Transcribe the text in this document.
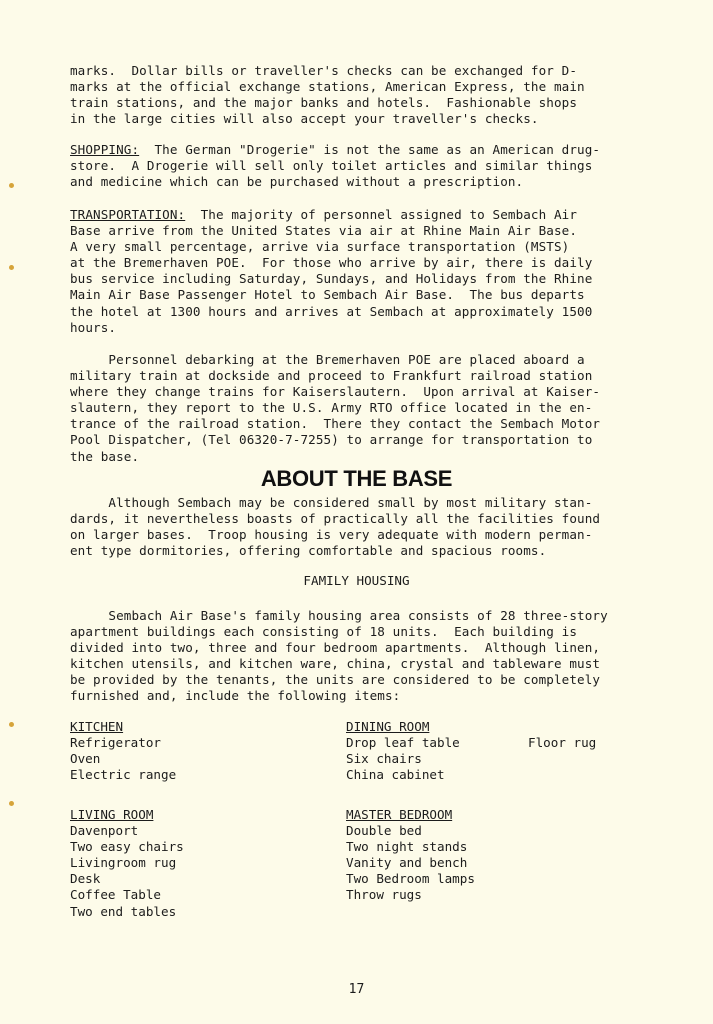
marks.  Dollar bills or traveller's checks can be exchanged for D-
marks at the official exchange stations, American Express, the main
train stations, and the major banks and hotels.  Fashionable shops
in the large cities will also accept your traveller's checks.
SHOPPING:  The German "Drogerie" is not the same as an American drug-
store.  A Drogerie will sell only toilet articles and similar things
and medicine which can be purchased without a prescription.
TRANSPORTATION:  The majority of personnel assigned to Sembach Air
Base arrive from the United States via air at Rhine Main Air Base.
A very small percentage, arrive via surface transportation (MSTS)
at the Bremerhaven POE.  For those who arrive by air, there is daily
bus service including Saturday, Sundays, and Holidays from the Rhine
Main Air Base Passenger Hotel to Sembach Air Base.  The bus departs
the hotel at 1300 hours and arrives at Sembach at approximately 1500
hours.
Personnel debarking at the Bremerhaven POE are placed aboard a
military train at dockside and proceed to Frankfurt railroad station
where they change trains for Kaiserslautern.  Upon arrival at Kaiser-
slautern, they report to the U.S. Army RTO office located in the en-
trance of the railroad station.  There they contact the Sembach Motor
Pool Dispatcher, (Tel 06320-7-7255) to arrange for transportation to
the base.
ABOUT THE BASE
Although Sembach may be considered small by most military stan-
dards, it nevertheless boasts of practically all the facilities found
on larger bases.  Troop housing is very adequate with modern perman-
ent type dormitories, offering comfortable and spacious rooms.
FAMILY HOUSING
Sembach Air Base's family housing area consists of 28 three-story
apartment buildings each consisting of 18 units.  Each building is
divided into two, three and four bedroom apartments.  Although linen,
kitchen utensils, and kitchen ware, china, crystal and tableware must
be provided by the tenants, the units are considered to be completely
furnished and, include the following items:
KITCHEN
Refrigerator
Oven
Electric range
DINING ROOM
Drop leaf table
Six chairs
China cabinet
Floor rug
LIVING ROOM
Davenport
Two easy chairs
Livingroom rug
Desk
Coffee Table
Two end tables
MASTER BEDROOM
Double bed
Two night stands
Vanity and bench
Two Bedroom lamps
Throw rugs
17
